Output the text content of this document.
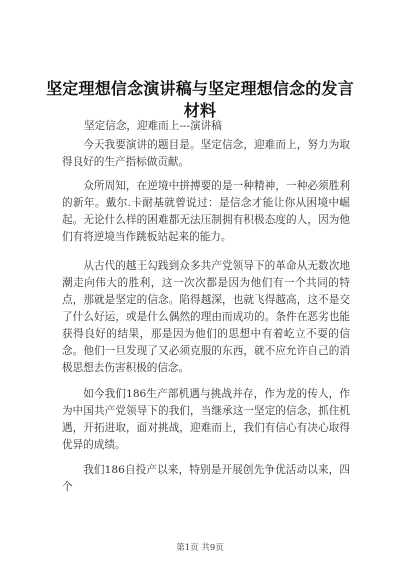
坚定理想信念演讲稿与坚定理想信念的发言材料
坚定信念，迎难而上---演讲稿
今天我要演讲的题目是。坚定信念，迎难而上，努力为取得良好的生产指标做贡献。
众所周知，在逆境中拼搏要的是一种精神，一种必须胜利的新年。戴尔.卡耐基就曾说过：是信念才能让你从困境中崛起。无论什么样的困难都无法压制拥有积极态度的人，因为他们有将逆境当作跳板站起来的能力。
从古代的越王勾践到众多共产党领导下的革命从无数次地潮走向伟大的胜利，这一次次都是因为他们有一个共同的特点，那就是坚定的信念。陷得越深，也就飞得越高，这不是交了什么好运，或是什么偶然的理由而成功的。条件在恶劣也能获得良好的结果，那是因为他们的思想中有着屹立不耍的信念。他们一旦发现了又必须克服的东西，就不应允许自己的消极思想去伤害积极的信念。
如今我们186生产部机遇与挑战并存，作为龙的传人，作为中国共产党领导下的我们，当继承这一坚定的信念，抓住机遇，开拓进取，面对挑战，迎难而上，我们有信心有决心取得优异的成绩。
我们186自投产以来，特别是开展创先争优活动以来，四个
第1页 共9页
